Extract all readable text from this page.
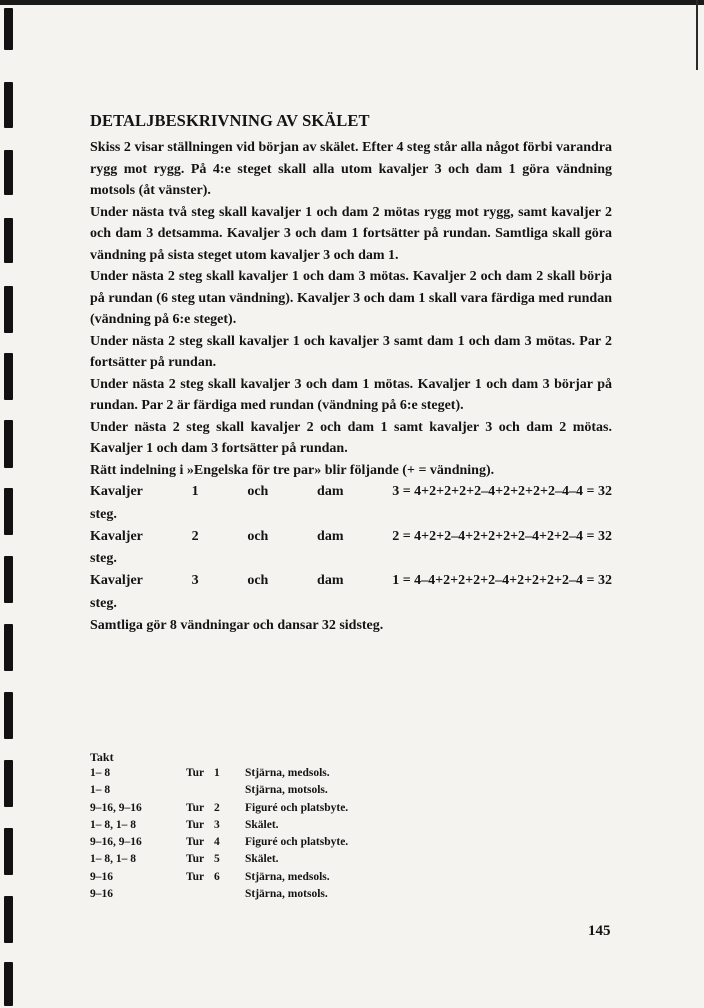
DETALJBESKRIVNING AV SKÄLET

Skiss 2 visar ställningen vid början av skälet. Efter 4 steg står alla något förbi varandra rygg mot rygg. På 4:e steget skall alla utom kavaljer 3 och dam 1 göra vändning motsols (åt vänster).

Under nästa två steg skall kavaljer 1 och dam 2 mötas rygg mot rygg, samt kavaljer 2 och dam 3 detsamma. Kavaljer 3 och dam 1 fortsätter på rundan. Samtliga skall göra vändning på sista steget utom kavaljer 3 och dam 1.

Under nästa 2 steg skall kavaljer 1 och dam 3 mötas. Kavaljer 2 och dam 2 skall börja på rundan (6 steg utan vändning). Kavaljer 3 och dam 1 skall vara färdiga med rundan (vändning på 6:e steget).

Under nästa 2 steg skall kavaljer 1 och kavaljer 3 samt dam 1 och dam 3 mötas. Par 2 fortsätter på rundan.

Under nästa 2 steg skall kavaljer 3 och dam 1 mötas. Kavaljer 1 och dam 3 börjar på rundan. Par 2 är färdiga med rundan (vändning på 6:e steget).

Under nästa 2 steg skall kavaljer 2 och dam 1 samt kavaljer 3 och dam 2 mötas. Kavaljer 1 och dam 3 fortsätter på rundan.

Rätt indelning i »Engelska för tre par» blir följande (+ = vändning).

Kavaljer	1	och	dam	3 = 4+2+2+2+2–4+2+2+2+2–4–4 = 32

steg.

Kavaljer	2	och	dam	2 = 4+2+2–4+2+2+2+2–4+2+2–4 = 32

steg.

Kavaljer	3	och	dam	1 = 4–4+2+2+2+2–4+2+2+2+2–4 = 32

steg.

Samtliga gör 8 vändningar och dansar 32 sidsteg.

Takt
1– 8	Tur	1	Stjärna, medsols.
1– 8			Stjärna, motsols.
9–16, 9–16	Tur	2	Figuré och platsbyte.
1– 8, 1– 8	Tur	3	Skälet.
9–16, 9–16	Tur	4	Figuré och platsbyte.
1– 8, 1– 8	Tur	5	Skälet.
9–16	Tur	6	Stjärna, medsols.
9–16			Stjärna, motsols.
145
